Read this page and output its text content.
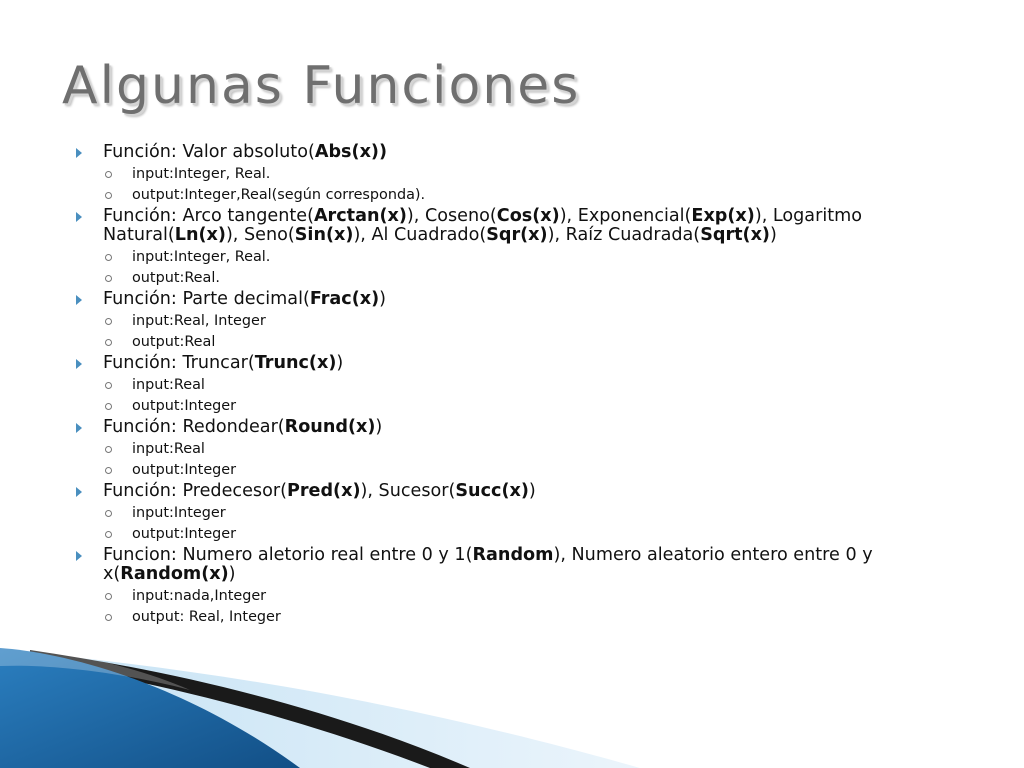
Algunas Funciones
Función: Valor absoluto(Abs(x))
input:Integer, Real.
output:Integer,Real(según corresponda).
Función: Arco tangente(Arctan(x)), Coseno(Cos(x)), Exponencial(Exp(x)), Logaritmo Natural(Ln(x)), Seno(Sin(x)), Al Cuadrado(Sqr(x)), Raíz Cuadrada(Sqrt(x))
input:Integer, Real.
output:Real.
Función: Parte decimal(Frac(x))
input:Real, Integer
output:Real
Función: Truncar(Trunc(x))
input:Real
output:Integer
Función: Redondear(Round(x))
input:Real
output:Integer
Función: Predecesor(Pred(x)), Sucesor(Succ(x))
input:Integer
output:Integer
Funcion: Numero aletorio real entre 0 y 1(Random), Numero aleatorio entero entre 0 y x(Random(x))
input:nada,Integer
output: Real, Integer
